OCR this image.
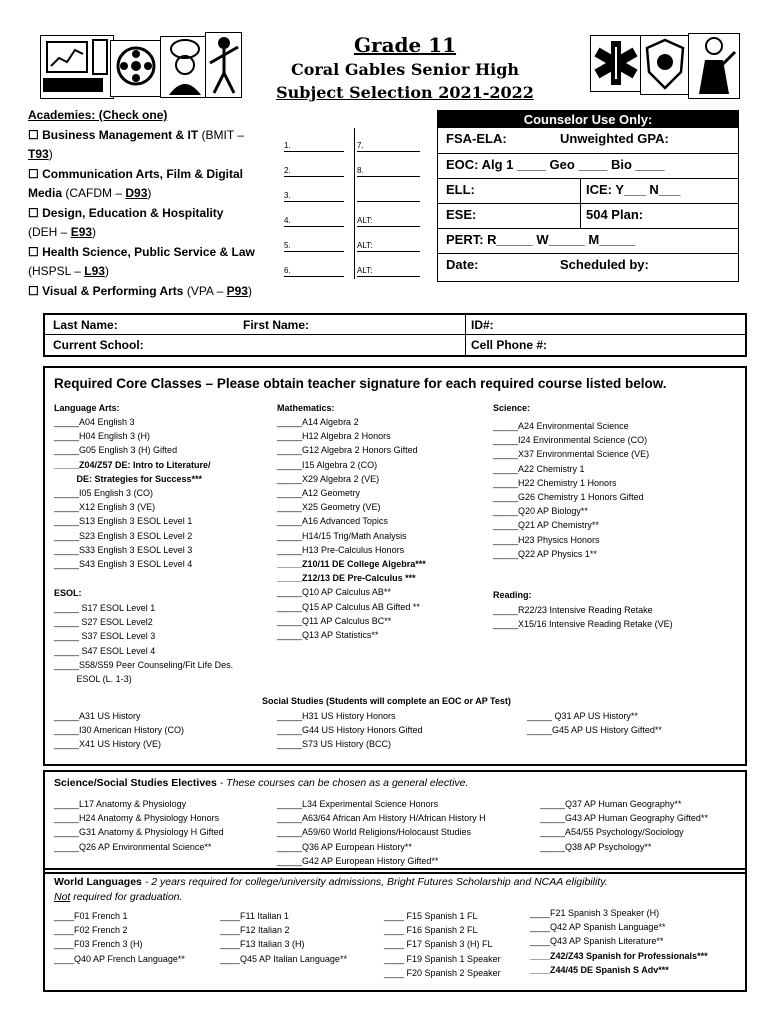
Grade 11
Coral Gables Senior High
Subject Selection 2021-2022
Academies: (Check one)
☐ Business Management & IT (BMIT –
T93)
☐ Communication Arts, Film & Digital
Media (CAFDM – D93)
☐ Design, Education & Hospitality
(DEH – E93)
☐ Health Science, Public Service & Law
(HSPSL – L93)
☐ Visual & Performing Arts (VPA – P93)
1.	7.
2.	8.
3.
4.	ALT:
5.	ALT:
6.	ALT:
Counselor Use Only:
FSA-ELA:	Unweighted GPA:
EOC: Alg 1 ____ Geo ____ Bio ____
ELL:	ICE: Y___ N___
ESE:	504 Plan:
PERT: R_____ W_____ M_____
Date:	Scheduled by:
Last Name:	First Name:	ID#:
Current School:	Cell Phone #:
Required Core Classes – Please obtain teacher signature for each required course listed below.
Language Arts:
_____A04 English 3
_____H04 English 3 (H)
_____G05 English 3 (H) Gifted
_____Z04/Z57 DE: Intro to Literature/
DE: Strategies for Success***
_____I05 English 3 (CO)
_____X12 English 3 (VE)
_____S13 English 3 ESOL Level 1
_____S23 English 3 ESOL Level 2
_____S33 English 3 ESOL Level 3
_____S43 English 3 ESOL Level 4
ESOL:
_____ S17 ESOL Level 1
_____ S27 ESOL Level2
_____ S37 ESOL Level 3
_____ S47 ESOL Level 4
_____S58/S59 Peer Counseling/Fit Life Des.
ESOL (L. 1-3)
Mathematics:
_____A14 Algebra 2
_____H12 Algebra 2 Honors
_____G12 Algebra 2 Honors Gifted
_____I15 Algebra 2 (CO)
_____X29 Algebra 2 (VE)
_____A12 Geometry
_____X25 Geometry (VE)
_____A16 Advanced Topics
_____H14/15 Trig/Math Analysis
_____H13 Pre-Calculus Honors
_____Z10/11 DE College Algebra***
_____Z12/13 DE Pre-Calculus ***
_____Q10 AP Calculus AB**
_____Q15 AP Calculus AB Gifted **
_____Q11 AP Calculus BC**
_____Q13 AP Statistics**
Science:
_____A24 Environmental Science
_____I24 Environmental Science (CO)
_____X37 Environmental Science (VE)
_____A22 Chemistry 1
_____H22 Chemistry 1 Honors
_____G26 Chemistry 1 Honors Gifted
_____Q20 AP Biology**
_____Q21 AP Chemistry**
_____H23 Physics Honors
_____Q22 AP Physics 1**
Reading:
_____R22/23 Intensive Reading Retake
_____X15/16 Intensive Reading Retake (VE)
Social Studies (Students will complete an EOC or AP Test)
_____A31 US History
_____I30 American History (CO)
_____X41 US History (VE)
_____H31 US History Honors
_____G44 US History Honors Gifted
_____S73 US History (BCC)
_____ Q31 AP US History**
_____G45 AP US History Gifted**
Science/Social Studies Electives - These courses can be chosen as a general elective.
_____L17 Anatomy & Physiology
_____H24 Anatomy & Physiology Honors
_____G31 Anatomy & Physiology H Gifted
_____Q26 AP Environmental Science**
_____L34 Experimental Science Honors
_____A63/64 African Am History H/African History H
_____A59/60 World Religions/Holocaust Studies
_____Q36 AP European History**
_____G42 AP European History Gifted**
_____Q37 AP Human Geography**
_____G43 AP Human Geography Gifted**
_____A54/55 Psychology/Sociology
_____Q38 AP Psychology**
World Languages - 2 years required for college/university admissions, Bright Futures Scholarship and NCAA eligibility.
Not required for graduation.
____F01 French 1
____F02 French 2
____F03 French 3 (H)
____Q40 AP French Language**
____F11 Italian 1
____F12 Italian 2
____F13 Italian 3 (H)
____Q45 AP Italian Language**
____ F15 Spanish 1 FL
____ F16 Spanish 2 FL
____ F17 Spanish 3 (H) FL
____ F19 Spanish 1 Speaker
____ F20 Spanish 2 Speaker
____F21 Spanish 3 Speaker (H)
____Q42 AP Spanish Language**
____Q43 AP Spanish Literature**
____Z42/Z43 Spanish for Professionals***
____Z44/45 DE Spanish S Adv***
